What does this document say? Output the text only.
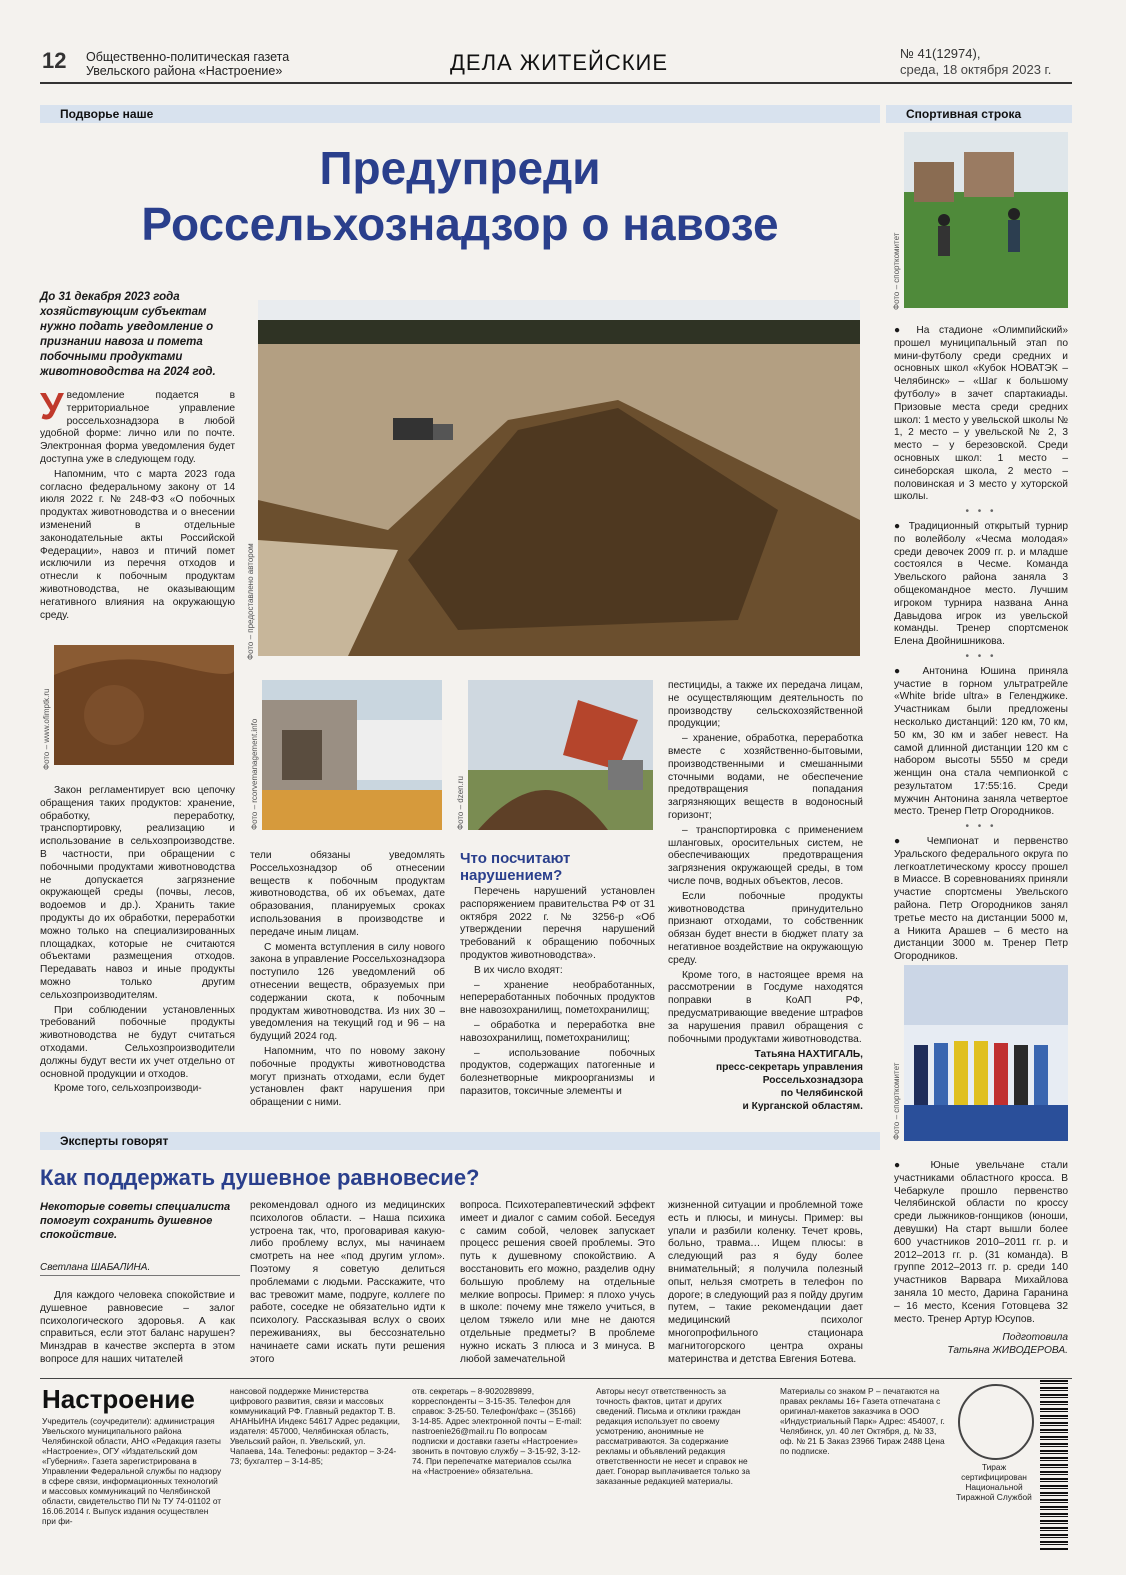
12 Общественно-политическая газета
Увельского района «Настроение»	ДЕЛА ЖИТЕЙСКИЕ	№ 41(12974),
среда, 18 октября 2023 г.
Подворье наше
Предупреди
Россельхознадзор о навозе
До 31 декабря 2023 года хозяйствующим субъектам нужно подать уведомление о признании навоза и помета побочными продуктами животноводства на 2024 год.

Уведомление подается в территориальное управление россельхознадзора в любой удобной форме: лично или по почте. Электронная форма уведомления будет доступна уже в следующем году.

Напомним, что с марта 2023 года согласно федеральному закону от 14 июля 2022 г. № 248-ФЗ «О побочных продуктах животноводства и о внесении изменений в отдельные законодательные акты Российской Федерации», навоз и птичий помет исключили из перечня отходов и отнесли к побочным продуктам животноводства, не оказывающим негативного влияния на окружающую среду.	Фото – предоставлено автором
Фото – www.ofimptk.ru	Фото – rcorvemanagement.info	Фото – dzen.ru

Закон регламентирует всю цепочку обращения таких продуктов: хранение, обработку, переработку, транспортировку, реализацию и использование в сельхозпроизводстве. В частности, при обращении с побочными продуктами животноводства не допускается загрязнение окружающей среды (почвы, лесов, водоемов и др.). Хранить такие продукты до их обработки, переработки можно только на специализированных площадках, которые не считаются объектами размещения отходов. Передавать навоз и иные продукты можно только другим сельхозпроизводителям.

При соблюдении установленных требований побочные продукты животноводства не будут считаться отходами. Сельхозпроизводители должны будут вести их учет отдельно от основной продукции и отходов.

Кроме того, сельхозпроизводи-

тели обязаны уведомлять Россельхознадзор об отнесении веществ к побочным продуктам животноводства, об их объемах, дате образования, планируемых сроках использования в производстве и передаче иным лицам.

С момента вступления в силу нового закона в управление Россельхознадзора поступило 126 уведомлений об отнесении веществ, образуемых при содержании скота, к побочным продуктам животноводства. Из них 30 – уведомления на текущий год и 96 – на будущий 2024 год.

Напомним, что по новому закону побочные продукты животноводства могут признать отходами, если будет установлен факт нарушения при обращении с ними.

Что посчитают нарушением?

Перечень нарушений установлен распоряжением правительства РФ от 31 октября 2022 г. № 3256-р «Об утверждении перечня нарушений требований к обращению побочных продуктов животноводства».

В их число входят:

– хранение необработанных, непереработанных побочных продуктов вне навозохранилищ, пометохранилищ;

– обработка и переработка вне навозохранилищ, пометохранилищ;

– использование побочных продуктов, содержащих патогенные и болезнетворные микроорганизмы и паразитов, токсичные элементы и

пестициды, а также их передача лицам, не осуществляющим деятельность по производству сельскохозяйственной продукции;

– хранение, обработка, переработка вместе с хозяйственно-бытовыми, производственными и смешанными сточными водами, не обеспечение предотвращения попадания загрязняющих веществ в водоносный горизонт;

– транспортировка с применением шланговых, оросительных систем, не обеспечивающих предотвращения загрязнения окружающей среды, в том числе почв, водных объектов, лесов.

Если побочные продукты животноводства принудительно признают отходами, то собственник обязан будет внести в бюджет плату за негативное воздействие на окружающую среду.

Кроме того, в настоящее время на рассмотрении в Госдуме находятся поправки в КоАП РФ, предусматривающие введение штрафов за нарушения правил обращения с побочными продуктами животноводства.

Татьяна НАХТИГАЛЬ,
пресс-секретарь управления
Россельхознадзора
по Челябинской
и Курганской областям.
Спортивная строка
Фото – спорткомитет

● На стадионе «Олимпийский» прошел муниципальный этап по мини-футболу среди средних и основных школ «Кубок НОВАТЭК – Челябинск» – «Шаг к большому футболу» в зачет спартакиады. Призовые места среди средних школ: 1 место у увельской школы № 1, 2 место – у увельской № 2, 3 место – у березовской. Среди основных школ: 1 место – синеборская школа, 2 место – половинская и 3 место у хуторской школы.

• • •

● Традиционный открытый турнир по волейболу «Чесма молодая» среди девочек 2009 гг. р. и младше состоялся в Чесме. Команда Увельского района заняла 3 общекомандное место. Лучшим игроком турнира названа Анна Давыдова игрок из увельской команды. Тренер спортсменок Елена Двойнишникова.

• • •

● Антонина Юшина приняла участие в горном ультратрейле «White bride ultra» в Геленджике. Участникам были предложены несколько дистанций: 120 км, 70 км, 50 км, 30 км и забег невест. На самой длинной дистанции 120 км с набором высоты 5550 м среди женщин она стала чемпионкой с результатом 17:55:16. Среди мужчин Антонина заняла четвертое место. Тренер Петр Огородников.

• • •

● Чемпионат и первенство Уральского федерального округа по легкоатлетическому кроссу прошел в Миассе. В соревнованиях приняли участие спортсмены Увельского района. Петр Огородников занял третье место на дистанции 5000 м, а Никита Арашев – 6 место на дистанции 3000 м. Тренер Петр Огородников.

Фото – спорткомитет

● Юные увельчане стали участниками областного кросса. В Чебаркуле прошло первенство Челябинской области по кроссу среди лыжников-гонщиков (юноши, девушки) На старт вышли более 600 участников 2010–2011 гг. р. и 2012–2013 гг. р. (31 команда). В группе 2012–2013 гг. р. среди 140 участников Варвара Михайлова заняла 10 место, Дарина Гаранина – 16 место, Ксения Готовцева 32 место. Тренер Артур Юсупов.

Подготовила
Татьяна ЖИВОДЕРОВА.
Эксперты говорят
Как поддержать душевное равновесие?
Некоторые советы специалиста помогут сохранить душевное спокойствие.
Светлана ШАБАЛИНА.

Для каждого человека спокойствие и душевное равновесие – залог психологического здоровья. А как справиться, если этот баланс нарушен? Минздрав в качестве эксперта в этом вопросе для наших читателей

рекомендовал одного из медицинских психологов области. – Наша психика устроена так, что, проговаривая какую-либо проблему вслух, мы начинаем смотреть на нее «под другим углом». Поэтому я советую делиться проблемами с людьми. Расскажите, что вас тревожит маме, подруге, коллеге по работе, соседке не обязательно идти к психологу. Рассказывая вслух о своих переживаниях, вы бессознательно начинаете сами искать пути решения этого

вопроса. Психотерапевтический эффект имеет и диалог с самим собой. Беседуя с самим собой, человек запускает процесс решения своей проблемы. Это путь к душевному спокойствию. А восстановить его можно, разделив одну большую проблему на отдельные мелкие вопросы. Пример: я плохо учусь в школе: почему мне тяжело учиться, в целом тяжело или мне не даются отдельные предметы? В проблеме нужно искать 3 плюса и 3 минуса. В любой замечательной

жизненной ситуации и проблемной тоже есть и плюсы, и минусы. Пример: вы упали и разбили коленку. Течет кровь, больно, травма… Ищем плюсы: в следующий раз я буду более внимательный; я получила полезный опыт, нельзя смотреть в телефон по дороге; в следующий раз я пойду другим путем, – такие рекомендации дает медицинский психолог многопрофильного стационара магнитогорского центра охраны материнства и детства Евгения Ботева.

Настроение
Учредитель (соучредители): администрация Увельского муниципального района Челябинской области, АНО «Редакция газеты «Настроение», ОГУ «Издательский дом «Губерния». Газета зарегистрирована в Управлении Федеральной службы по надзору в сфере связи, информационных технологий и массовых коммуникаций по Челябинской области, свидетельство ПИ № ТУ 74-01102 от 16.06.2014 г. Выпуск издания осуществлен при фи-
нансовой поддержке Министерства цифрового развития, связи и массовых коммуникаций РФ. Главный редактор Т. В. АНАНЬИНА Индекс 54617 Адрес редакции, издателя: 457000, Челябинская область, Увельский район, п. Увельский, ул. Чапаева, 14а. Телефоны: редактор – 3-24-73; бухгалтер – 3-14-85;
отв. секретарь – 8-9020289899, корреспонденты – 3-15-35. Телефон для справок: 3-25-50. Телефон/факс – (35166) 3-14-85. Адрес электронной почты – E-mail: nastroenie26@mail.ru По вопросам подписки и доставки газеты «Настроение» звонить в почтовую службу – 3-15-92, 3-12-74. При перепечатке материалов ссылка на «Настроение» обязательна.
Авторы несут ответственность за точность фактов, цитат и других сведений. Письма и отклики граждан редакция использует по своему усмотрению, анонимные не рассматриваются. За содержание рекламы и объявлений редакция ответственности не несет и справок не дает. Гонорар выплачивается только за заказанные редакцией материалы.
Материалы со знаком Р – печатаются на правах рекламы 16+ Газета отпечатана с оригинал-макетов заказчика в ООО «Индустриальный Парк» Адрес: 454007, г. Челябинск, ул. 40 лет Октября, д. № 33, оф. № 21 Б Заказ 23966 Тираж 2488 Цена по подписке.
Тираж сертифицирован Национальной Тиражной Службой
